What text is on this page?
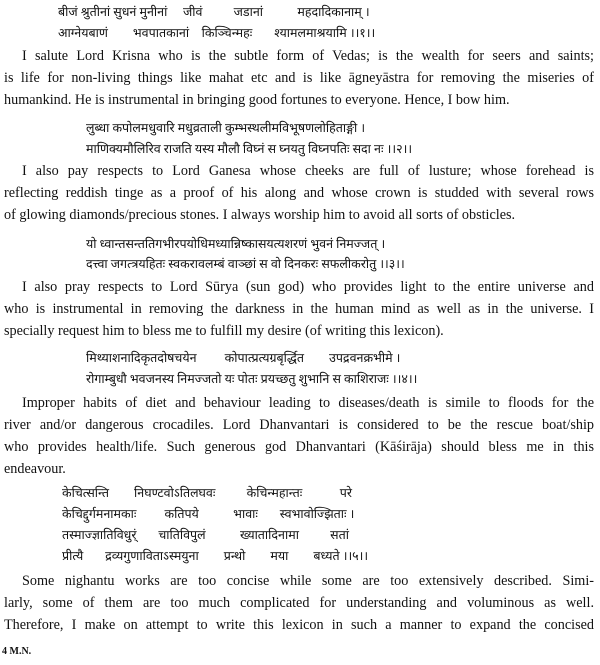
बीजं श्रुतीनां सुधनं मुनीनां     जीवं          जडानां           महदादिकानाम् ।
आग्नेयबाणं        भवपातकानां    किञ्चिन्महः       श्यामलमाश्रयामि ।।१।।
I salute Lord Krisna who is the subtle form of Vedas; is the wealth for seers and saints;
is life for non-living things like mahat etc and is like āgneyāstra for removing the miseries of
humankind. He is instrumental in bringing good fortunes to everyone. Hence, I bow him.
लुब्धा कपोलमधुवारि मधुव्रताली कुम्भस्थलीमविभूषणलोहिताङ्गी ।
माणिक्यमौलिरिव राजति यस्य मौलौ विघ्नं स घ्नयतु विघ्नपतिः सदा नः ।।२।।
I also pay respects to Lord Ganesa whose cheeks are full of lusture; whose forehead is
reflecting reddish tinge as a proof of his along and whose crown is studded with several rows
of glowing diamonds/precious stones. I always worship him to avoid all sorts of obsticles.
यो ध्वान्तसन्ततिगभीरपयोधिमध्यान्निष्कासयत्यशरणं भुवनं निमज्जत् ।
दत्त्वा जगत्त्रयहितः स्वकरावलम्बं वाञ्छां स वो दिनकरः सफलीकरोतु ।।३।।
I also pray respects to Lord Sūrya (sun god) who provides light to the entire universe and
who is instrumental in removing the darkness in the human mind as well as in the universe. I
specially request him to bless me to fulfill my desire (of writing this lexicon).
मिथ्याशनादिकृतदोषचयेन         कोपात्प्रत्यग्रबृर्द्धित        उपद्रवनक्रभीमे ।
रोगाम्बुधौ भवजनस्य निमज्जतो यः पोतः प्रयच्छतु शुभानि स काशिराजः ।।४।।
Improper habits of diet and behaviour leading to diseases/death is simile to floods for the
river and/or dangerous crocadiles. Lord Dhanvantari is considered to be the rescue boat/ship
who provides health/life. Such generous god Dhanvantari (Kāśirāja) should bless me in this
endeavour.
केचित्सन्ति        निघण्टवोऽतिलघवः          केचिन्महान्तः            परे
केचिद्दुर्गमनामकाः         कतिपये           भावाः       स्वभावोज्झिताः ।
तस्माज्ज्ञातिविधुर्ं       चातिविपुलं           ख्यातादिनामा          सतां
प्रीत्यै       द्रव्यगुणाविताऽस्मयुना        प्रन्थो        मया        बध्यते ।।५।।
Some nighantu works are too concise while some are too extensively described. Simi-
larly, some of them are too much complicated for understanding and voluminous as well.
Therefore, I make on attempt to write this lexicon in such a manner to expand the concised
4 M.N.
